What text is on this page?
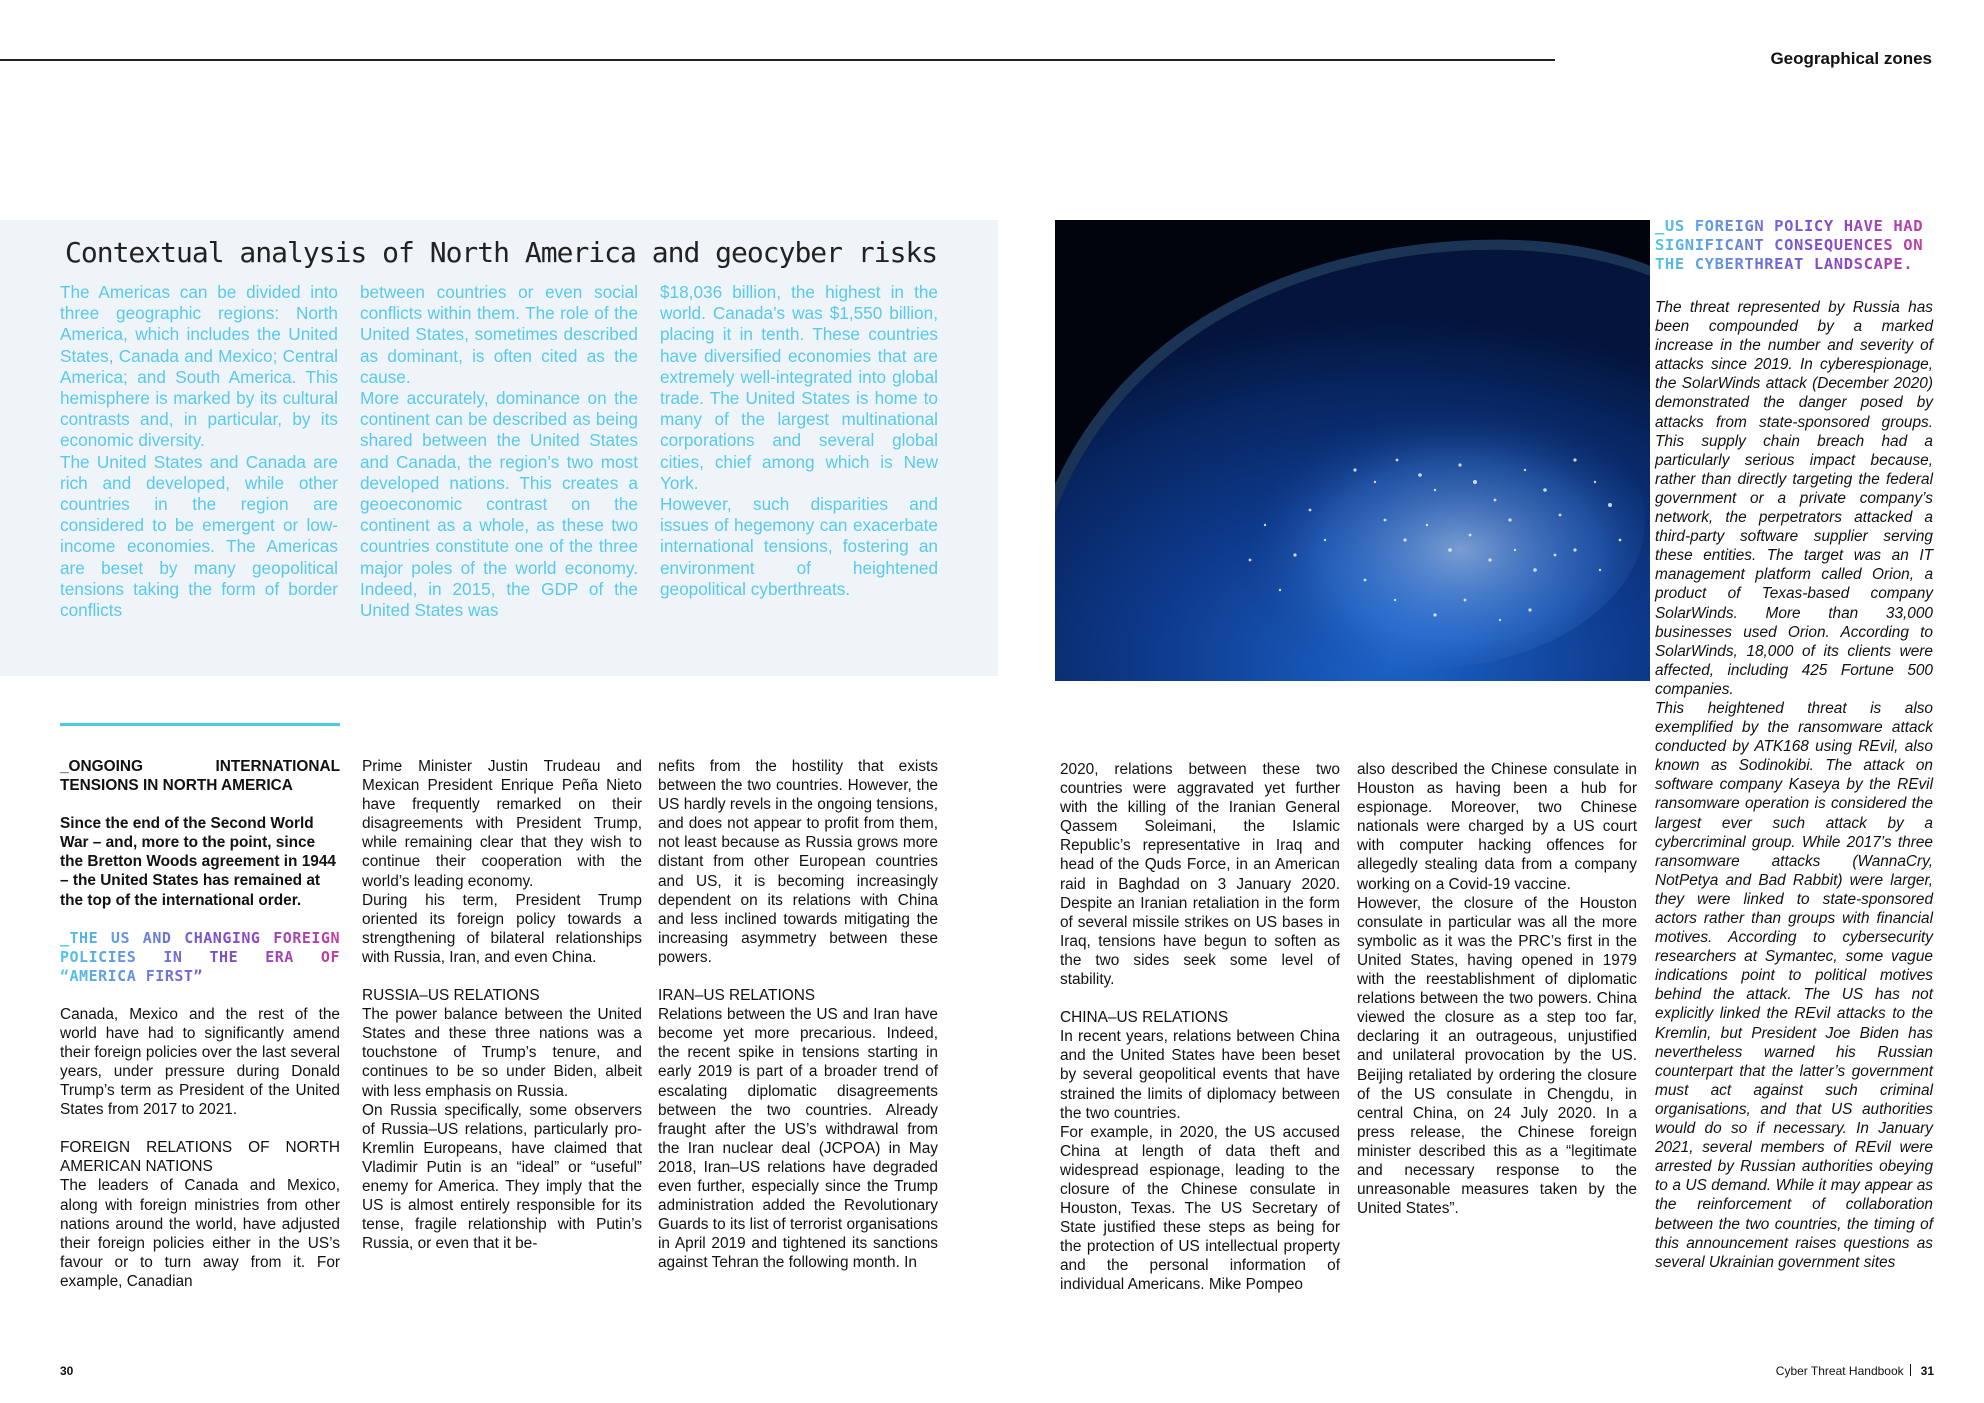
Geographical zones
Contextual analysis of North America and geocyber risks

The Americas can be divided into three geographic regions: North America, which includes the United States, Canada and Mexico; Central America; and South America. This hemisphere is marked by its cultural contrasts and, in particular, by its economic diversity.

The United States and Canada are rich and developed, while other countries in the region are considered to be emergent or low-income economies. The Americas are beset by many geopolitical tensions taking the form of border conflicts

between countries or even social conflicts within them. The role of the United States, sometimes described as dominant, is often cited as the cause.

More accurately, dominance on the continent can be described as being shared between the United States and Canada, the region’s two most developed nations. This creates a geoeconomic contrast on the continent as a whole, as these two countries constitute one of the three major poles of the world economy. Indeed, in 2015, the GDP of the United States was

$18,036 billion, the highest in the world. Canada’s was $1,550 billion, placing it in tenth. These countries have diversified economies that are extremely well-integrated into global trade. The United States is home to many of the largest multinational corporations and several global cities, chief among which is New York.

However, such disparities and issues of hegemony can exacerbate international tensions, fostering an environment of heightened geopolitical cyberthreats.

_US FOREIGN POLICY HAVE HAD SIGNIFICANT CONSEQUENCES ON THE CYBERTHREAT LANDSCAPE.

The threat represented by Russia has been compounded by a marked increase in the number and severity of attacks since 2019. In cyberespionage, the SolarWinds attack (December 2020) demonstrated the danger posed by attacks from state-sponsored groups. This supply chain breach had a particularly serious impact because, rather than directly targeting the federal government or a private company’s network, the perpetrators attacked a third-party software supplier serving these entities. The target was an IT management platform called Orion, a product of Texas-based company SolarWinds. More than 33,000 businesses used Orion. According to SolarWinds, 18,000 of its clients were affected, including 425 Fortune 500 companies.

This heightened threat is also exemplified by the ransomware attack conducted by ATK168 using REvil, also known as Sodinokibi. The attack on software company Kaseya by the REvil ransomware operation is considered the largest ever such attack by a cybercriminal group. While 2017’s three ransomware attacks (WannaCry, NotPetya and Bad Rabbit) were larger, they were linked to state-sponsored actors rather than groups with financial motives. According to cybersecurity researchers at Symantec, some vague indications point to political motives behind the attack. The US has not explicitly linked the REvil attacks to the Kremlin, but President Joe Biden has nevertheless warned his Russian counterpart that the latter’s government must act against such criminal organisations, and that US authorities would do so if necessary. In January 2021, several members of REvil were arrested by Russian authorities obeying to a US demand. While it may appear as the reinforcement of collaboration between the two countries, the timing of this announcement raises questions as several Ukrainian government sites

_ONGOING INTERNATIONAL TENSIONS IN NORTH AMERICA

Since the end of the Second World War – and, more to the point, since the Bretton Woods agreement in 1944 – the United States has remained at the top of the international order.

_THE US AND CHANGING FOREIGN POLICIES IN THE ERA OF “AMERICA FIRST”

Canada, Mexico and the rest of the world have had to significantly amend their foreign policies over the last several years, under pressure during Donald Trump’s term as President of the United States from 2017 to 2021.

FOREIGN RELATIONS OF NORTH AMERICAN NATIONS

The leaders of Canada and Mexico, along with foreign ministries from other nations around the world, have adjusted their foreign policies either in the US’s favour or to turn away from it. For example, Canadian

Prime Minister Justin Trudeau and Mexican President Enrique Peña Nieto have frequently remarked on their disagreements with President Trump, while remaining clear that they wish to continue their cooperation with the world’s leading economy.

During his term, President Trump oriented its foreign policy towards a strengthening of bilateral relationships with Russia, Iran, and even China.

RUSSIA–US RELATIONS

The power balance between the United States and these three nations was a touchstone of Trump’s tenure, and continues to be so under Biden, albeit with less emphasis on Russia.

On Russia specifically, some observers of Russia–US relations, particularly pro-Kremlin Europeans, have claimed that Vladimir Putin is an “ideal” or “useful” enemy for America. They imply that the US is almost entirely responsible for its tense, fragile relationship with Putin’s Russia, or even that it be-

nefits from the hostility that exists between the two countries. However, the US hardly revels in the ongoing tensions, and does not appear to profit from them, not least because as Russia grows more distant from other European countries and US, it is becoming increasingly dependent on its relations with China and less inclined towards mitigating the increasing asymmetry between these powers.

IRAN–US RELATIONS

Relations between the US and Iran have become yet more precarious. Indeed, the recent spike in tensions starting in early 2019 is part of a broader trend of escalating diplomatic disagreements between the two countries. Already fraught after the US’s withdrawal from the Iran nuclear deal (JCPOA) in May 2018, Iran–US relations have degraded even further, especially since the Trump administration added the Revolutionary Guards to its list of terrorist organisations in April 2019 and tightened its sanctions against Tehran the following month. In

2020, relations between these two countries were aggravated yet further with the killing of the Iranian General Qassem Soleimani, the Islamic Republic’s representative in Iraq and head of the Quds Force, in an American raid in Baghdad on 3 January 2020. Despite an Iranian retaliation in the form of several missile strikes on US bases in Iraq, tensions have begun to soften as the two sides seek some level of stability.

CHINA–US RELATIONS

In recent years, relations between China and the United States have been beset by several geopolitical events that have strained the limits of diplomacy between the two countries.

For example, in 2020, the US accused China at length of data theft and widespread espionage, leading to the closure of the Chinese consulate in Houston, Texas. The US Secretary of State justified these steps as being for the protection of US intellectual property and the personal information of individual Americans. Mike Pompeo

also described the Chinese consulate in Houston as having been a hub for espionage. Moreover, two Chinese nationals were charged by a US court with computer hacking offences for allegedly stealing data from a company working on a Covid-19 vaccine.

However, the closure of the Houston consulate in particular was all the more symbolic as it was the PRC’s first in the United States, having opened in 1979 with the reestablishment of diplomatic relations between the two powers. China viewed the closure as a step too far, declaring it an outrageous, unjustified and unilateral provocation by the US. Beijing retaliated by ordering the closure of the US consulate in Chengdu, in central China, on 24 July 2020. In a press release, the Chinese foreign minister described this as a “legitimate and necessary response to the unreasonable measures taken by the United States”.

30	Cyber Threat Handbook 31
